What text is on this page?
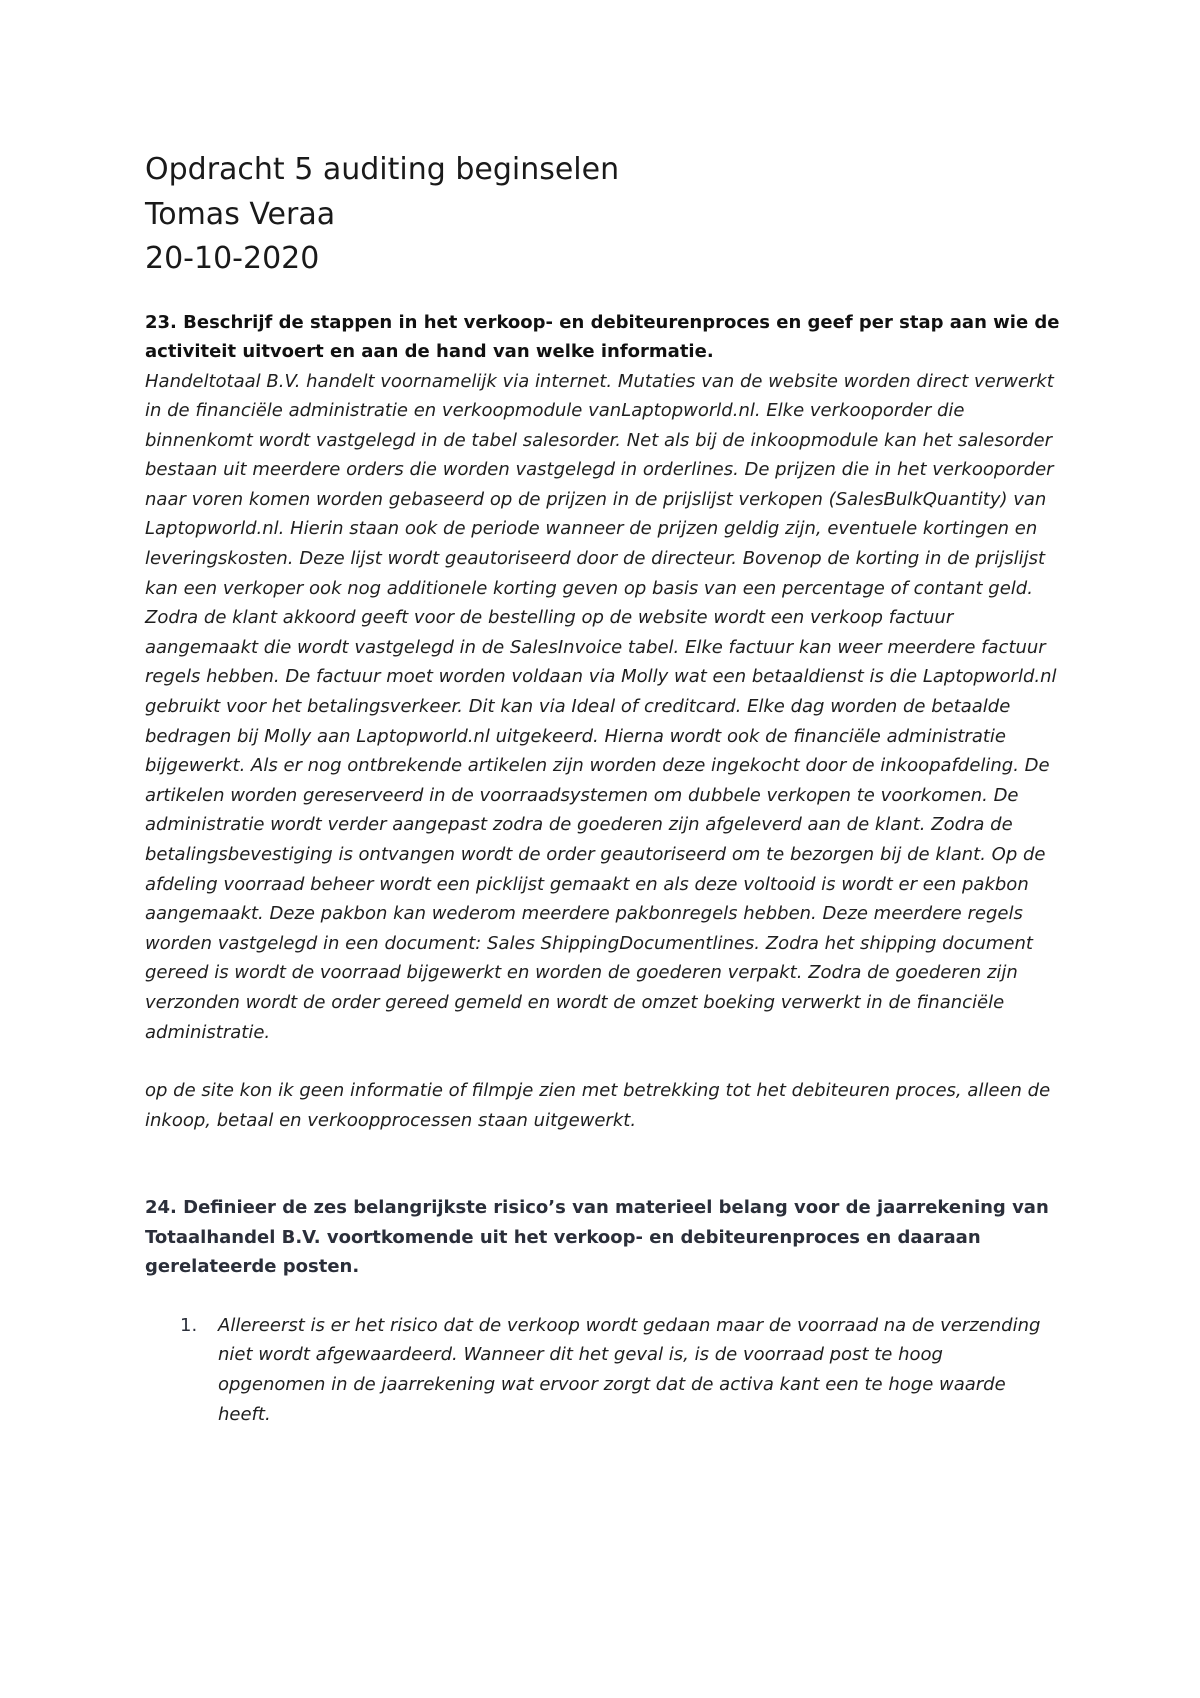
Opdracht 5 auditing beginselen
Tomas Veraa
20-10-2020

23. Beschrijf de stappen in het verkoop- en debiteurenproces en geef per stap aan wie de activiteit uitvoert en aan de hand van welke informatie.

Handeltotaal B.V. handelt voornamelijk via internet. Mutaties van de website worden direct verwerkt in de financiële administratie en verkoopmodule vanLaptopworld.nl. Elke verkooporder die binnenkomt wordt vastgelegd in de tabel salesorder. Net als bij de inkoopmodule kan het salesorder bestaan uit meerdere orders die worden vastgelegd in orderlines. De prijzen die in het verkooporder naar voren komen worden gebaseerd op de prijzen in de prijslijst verkopen (SalesBulkQuantity) van Laptopworld.nl. Hierin staan ook de periode wanneer de prijzen geldig zijn, eventuele kortingen en leveringskosten. Deze lijst wordt geautoriseerd door de directeur. Bovenop de korting in de prijslijst kan een verkoper ook nog additionele korting geven op basis van een percentage of contant geld. Zodra de klant akkoord geeft voor de bestelling op de website wordt een verkoop factuur aangemaakt die wordt vastgelegd in de SalesInvoice tabel. Elke factuur kan weer meerdere factuur regels hebben. De factuur moet worden voldaan via Molly wat een betaaldienst is die Laptopworld.nl gebruikt voor het betalingsverkeer. Dit kan via Ideal of creditcard. Elke dag worden de betaalde bedragen bij Molly aan Laptopworld.nl uitgekeerd. Hierna wordt ook de financiële administratie bijgewerkt. Als er nog ontbrekende artikelen zijn worden deze ingekocht door de inkoopafdeling. De artikelen worden gereserveerd in de voorraadsystemen om dubbele verkopen te voorkomen. De administratie wordt verder aangepast zodra de goederen zijn afgeleverd aan de klant. Zodra de betalingsbevestiging is ontvangen wordt de order geautoriseerd om te bezorgen bij de klant. Op de afdeling voorraad beheer wordt een picklijst gemaakt en als deze voltooid is wordt er een pakbon aangemaakt. Deze pakbon kan wederom meerdere pakbonregels hebben. Deze meerdere regels worden vastgelegd in een document: Sales ShippingDocumentlines. Zodra het shipping document gereed is wordt de voorraad bijgewerkt en worden de goederen verpakt. Zodra de goederen zijn verzonden wordt de order gereed gemeld en wordt de omzet boeking verwerkt in de financiële administratie.

op de site kon ik geen informatie of filmpje zien met betrekking tot het debiteuren proces, alleen de inkoop, betaal en verkoopprocessen staan uitgewerkt.

24. Definieer de zes belangrijkste risico’s van materieel belang voor de jaarrekening van Totaalhandel B.V. voortkomende uit het verkoop- en debiteurenproces en daaraan gerelateerde posten.

1. Allereerst is er het risico dat de verkoop wordt gedaan maar de voorraad na de verzending niet wordt afgewaardeerd. Wanneer dit het geval is, is de voorraad post te hoog opgenomen in de jaarrekening wat ervoor zorgt dat de activa kant een te hoge waarde heeft.
